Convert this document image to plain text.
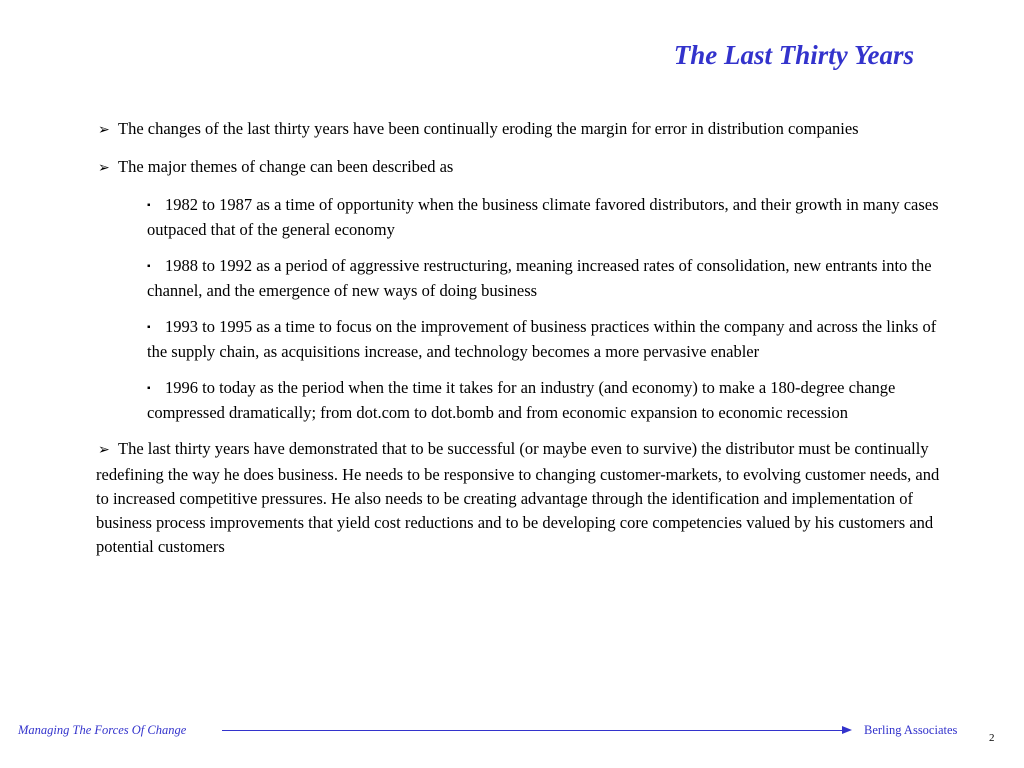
The Last Thirty Years
➢ The changes of the last thirty years have been continually eroding the margin for error in distribution companies
➢ The major themes of change can been described as
▪ 1982 to 1987 as a time of opportunity when the business climate favored distributors, and their growth in many cases outpaced that of the general economy
▪ 1988 to 1992 as a period of aggressive restructuring, meaning increased rates of consolidation, new entrants into the channel, and the emergence of new ways of doing business
▪ 1993 to 1995 as a time to focus on the improvement of business practices within the company and across the links of the supply chain, as acquisitions increase, and technology becomes a more pervasive enabler
▪ 1996 to today as the period when the time it takes for an industry (and economy) to make a 180-degree change compressed dramatically; from dot.com to dot.bomb and from economic expansion to economic recession
➢ The last thirty years have demonstrated that to be successful (or maybe even to survive) the distributor must be continually redefining the way he does business. He needs to be responsive to changing customer-markets, to evolving customer needs, and to increased competitive pressures. He also needs to be creating advantage through the identification and implementation of business process improvements that yield cost reductions and to be developing core competencies valued by his customers and potential customers
Managing The Forces Of Change	Berling Associates
2
